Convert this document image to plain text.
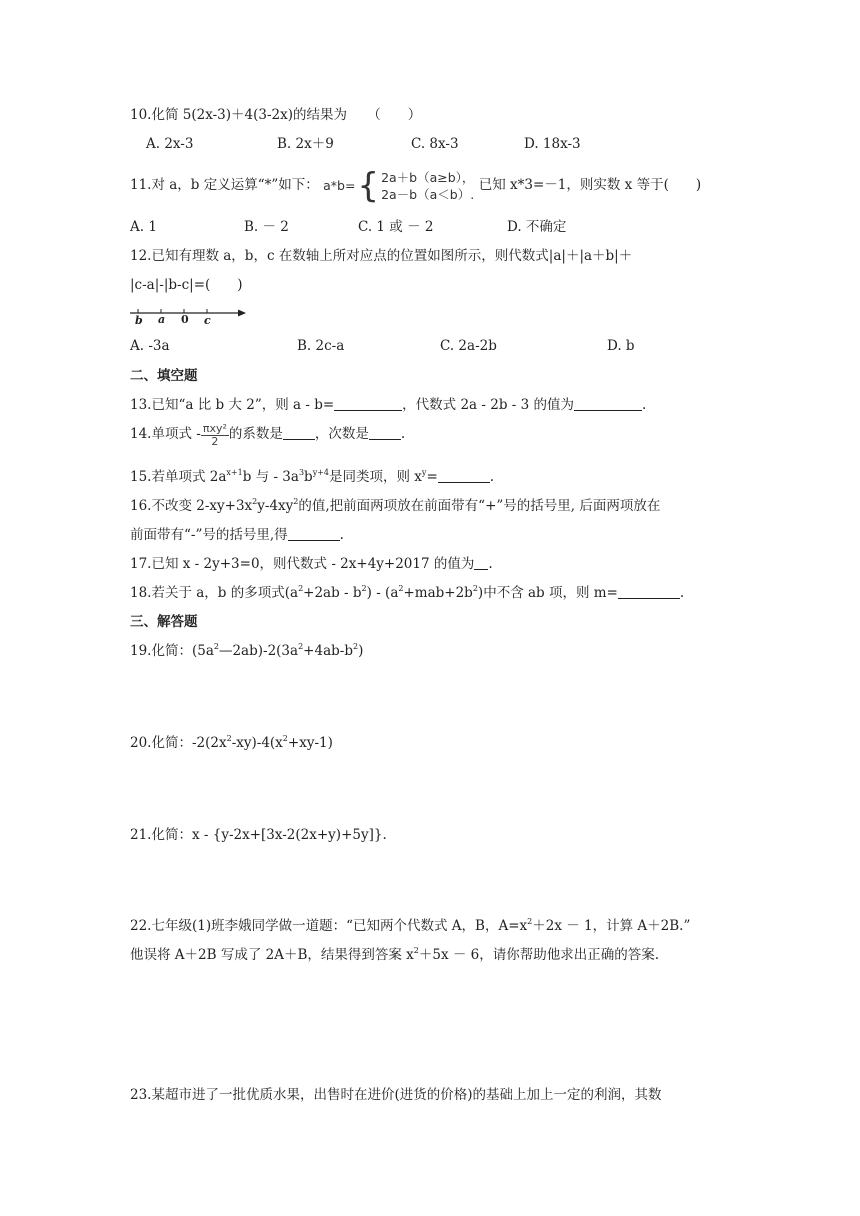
10.化简 5(2x-3)＋4(3-2x)的结果为　　（　　）
A. 2x-3	B. 2x＋9	C. 8x-3	D. 18x-3
11.对 a，b 定义运算“*”如下： a*b={ 2a＋b（a≥b），
2a－b（a＜b）.
已知 x*3=－1，则实数 x 等于(　　)
A. 1	B. － 2	C. 1 或 － 2	D. 不确定
12.已知有理数 a，b，c 在数轴上所对应点的位置如图所示，则代数式|a|＋|a＋b|＋
|c-a|-|b-c|=(　　)
b a 0 c
A. -3a	B. 2c-a	C. 2a-2b	D. b
二、填空题
13.已知“a 比 b 大 2”，则 a - b=	，代数式 2a - 2b - 3 的值为	.
14.单项式 - $\frac{\text{πxy²}}{2}$ 的系数是 ，次数是 .
15.若单项式 $2a^{x+1}b$ 与 - $3a^3b^{y+4}$是同类项，则 $x^y=$	.
16.不改变 $2-xy+3x^2y-4xy^2$的值,把前面两项放在前面带有“+”号的括号里, 后面两项放在
前面带有“-”号的括号里,得	.
17.已知 x - 2y+3=0，则代数式 - 2x+4y+2017 的值为 .
18.若关于 a，b 的多项式$(a^2+2ab - b^2) - (a^2+mab+2b^2)$中不含 ab 项，则 m=	.
三、解答题
19.化简：$(5a^2—2ab)-2(3a^2+4ab-b^2)$
20.化简：$-2(2x^2-xy)-4(x^2+xy-1)$
21.化简：x - {y-2x+[3x-2(2x+y)+5y]}.
22.七年级(1)班李娥同学做一道题：“已知两个代数式 A，B，$A=x^2+2x - 1$，计算 A＋2B.”
他误将 A＋2B 写成了 2A＋B，结果得到答案 $x^2+5x - 6$，请你帮助他求出正确的答案.
23.某超市进了一批优质水果，出售时在进价(进货的价格)的基础上加上一定的利润，其数
